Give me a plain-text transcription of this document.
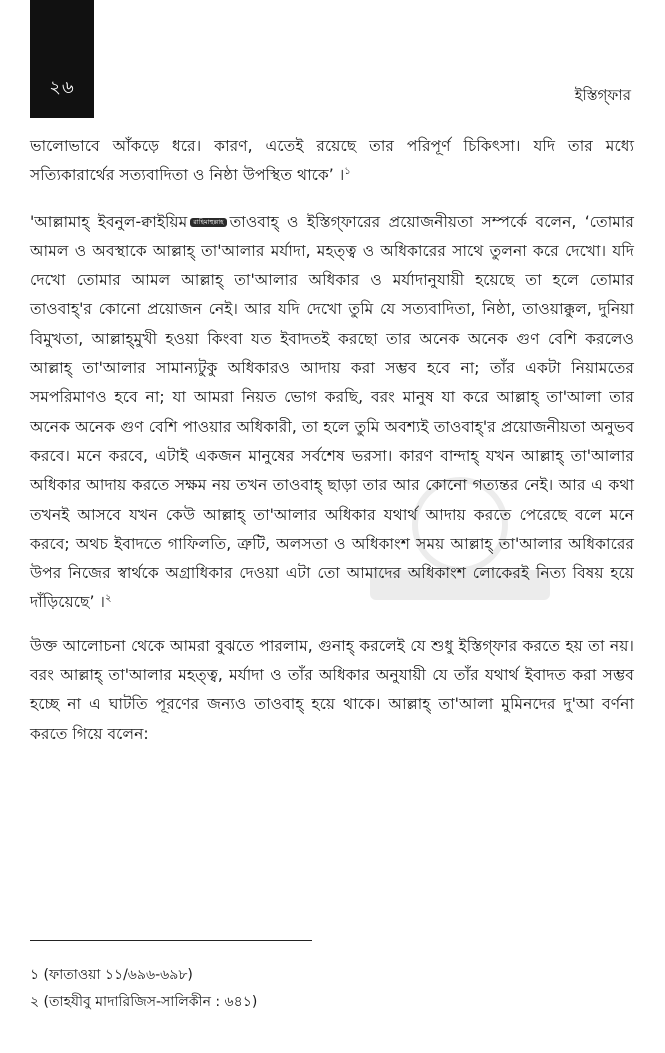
২৬	ইস্তিগ্‌ফার

ভালোভাবে আঁকড়ে ধরে। কারণ, এতেই রয়েছে তার পরিপূর্ণ চিকিৎসা। যদি তার মধ্যে সত্যিকারার্থের সত্যবাদিতা ও নিষ্ঠা উপস্থিত থাকে’ ।$^১$

'আল্লামাহ্‌ ইবনুল-ক্বাইয়িম রাহিমাহুল্লাহ তাওবাহ্‌ ও ইস্তিগ্‌ফারের প্রয়োজনীয়তা সম্পর্কে বলেন, ‘তোমার আমল ও অবস্থাকে আল্লাহ্‌ তা'আলার মর্যাদা, মহত্ত্ব ও অধিকারের সাথে তুলনা করে দেখো। যদি দেখো তোমার আমল আল্লাহ্‌ তা'আলার অধিকার ও মর্যাদানুযায়ী হয়েছে তা হলে তোমার তাওবাহ্‌'র কোনো প্রয়োজন নেই। আর যদি দেখো তুমি যে সত্যবাদিতা, নিষ্ঠা, তাওয়াক্কুল, দুনিয়া বিমুখতা, আল্লাহ্‌মুখী হওয়া কিংবা যত ইবাদতই করছো তার অনেক অনেক গুণ বেশি করলেও আল্লাহ্‌ তা'আলার সামান্যটুকু অধিকারও আদায় করা সম্ভব হবে না; তাঁর একটা নিয়ামতের সমপরিমাণও হবে না; যা আমরা নিয়ত ভোগ করছি, বরং মানুষ যা করে আল্লাহ্‌ তা'আলা তার অনেক অনেক গুণ বেশি পাওয়ার অধিকারী, তা হলে তুমি অবশ্যই তাওবাহ্‌'র প্রয়োজনীয়তা অনুভব করবে। মনে করবে, এটাই একজন মানুষের সর্বশেষ ভরসা। কারণ বান্দাহ্‌ যখন আল্লাহ্‌ তা'আলার অধিকার আদায় করতে সক্ষম নয় তখন তাওবাহ্‌ ছাড়া তার আর কোনো গত্যন্তর নেই। আর এ কথা তখনই আসবে যখন কেউ আল্লাহ্‌ তা'আলার অধিকার যথার্থ আদায় করতে পেরেছে বলে মনে করবে; অথচ ইবাদতে গাফিলতি, ত্রুটি, অলসতা ও অধিকাংশ সময় আল্লাহ্‌ তা'আলার অধিকারের উপর নিজের স্বার্থকে অগ্রাধিকার দেওয়া এটা তো আমাদের অধিকাংশ লোকেরই নিত্য বিষয় হয়ে দাঁড়িয়েছে’ ।$^২$

উক্ত আলোচনা থেকে আমরা বুঝতে পারলাম, গুনাহ্‌ করলেই যে শুধু ইস্তিগ্‌ফার করতে হয় তা নয়। বরং আল্লাহ্‌ তা'আলার মহত্ত্ব, মর্যাদা ও তাঁর অধিকার অনুযায়ী যে তাঁর যথার্থ ইবাদত করা সম্ভব হচ্ছে না এ ঘাটতি পূরণের জন্যও তাওবাহ্‌ হয়ে থাকে। আল্লাহ্‌ তা'আলা মুমিনদের দু'আ বর্ণনা করতে গিয়ে বলেন:

১ (ফাতাওয়া ১১/৬৯৬-৬৯৮)
২ (তাহযীবু মাদারিজিস-সালিকীন : ৬৪১)
